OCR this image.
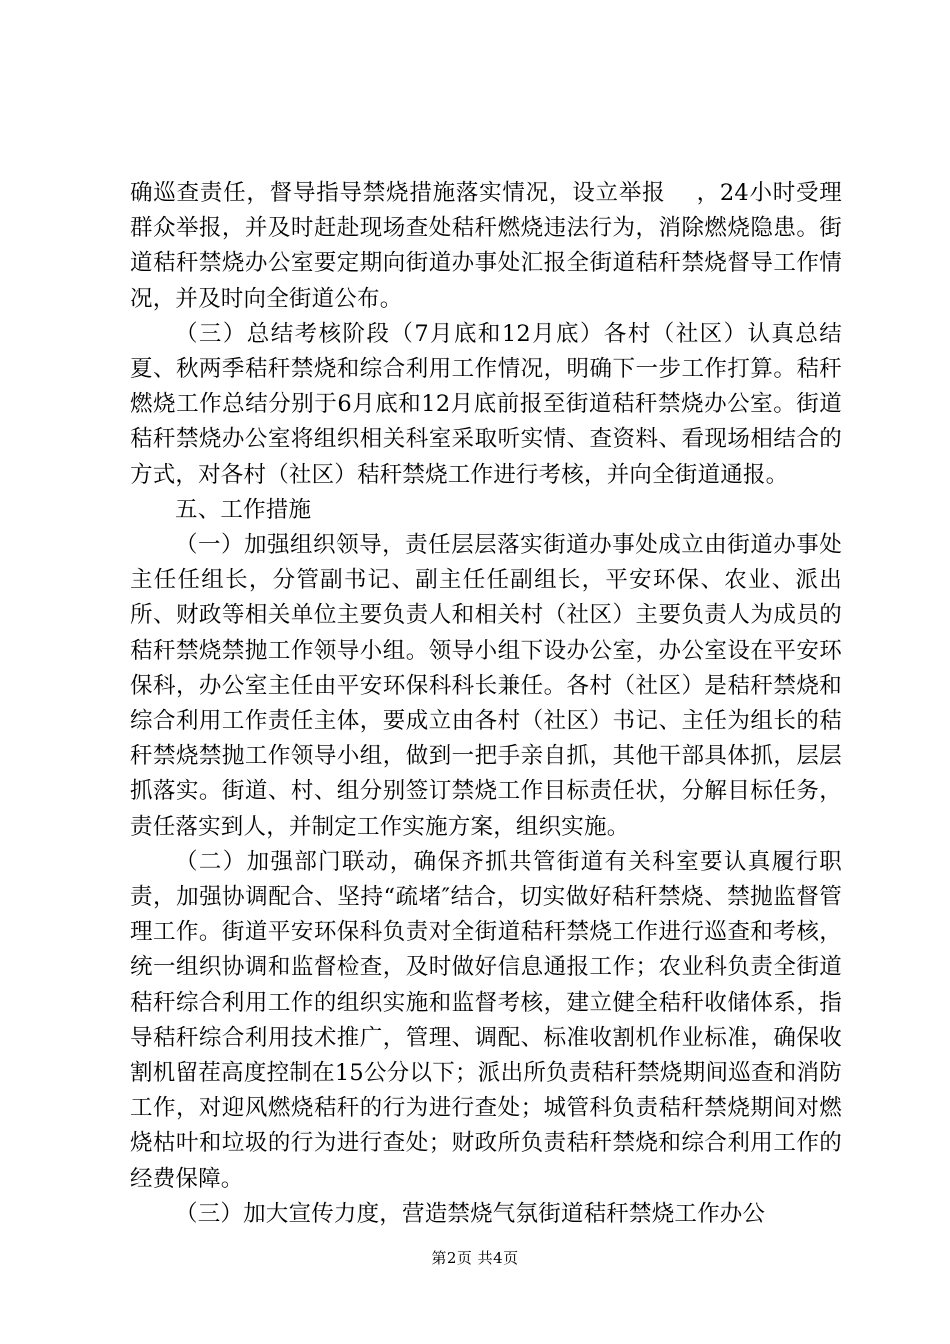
确巡查责任，督导指导禁烧措施落实情况，设立举报　 ，24小时受理群众举报，并及时赶赴现场查处秸秆燃烧违法行为，消除燃烧隐患。街道秸秆禁烧办公室要定期向街道办事处汇报全街道秸秆禁烧督导工作情况，并及时向全街道公布。

（三）总结考核阶段（7月底和12月底）各村（社区）认真总结夏、秋两季秸秆禁烧和综合利用工作情况，明确下一步工作打算。秸秆燃烧工作总结分别于6月底和12月底前报至街道秸秆禁烧办公室。街道秸秆禁烧办公室将组织相关科室采取听实情、查资料、看现场相结合的方式，对各村（社区）秸秆禁烧工作进行考核，并向全街道通报。

五、工作措施

（一）加强组织领导，责任层层落实街道办事处成立由街道办事处主任任组长，分管副书记、副主任任副组长，平安环保、农业、派出所、财政等相关单位主要负责人和相关村（社区）主要负责人为成员的秸秆禁烧禁抛工作领导小组。领导小组下设办公室，办公室设在平安环保科，办公室主任由平安环保科科长兼任。各村（社区）是秸秆禁烧和综合利用工作责任主体，要成立由各村（社区）书记、主任为组长的秸秆禁烧禁抛工作领导小组，做到一把手亲自抓，其他干部具体抓，层层抓落实。街道、村、组分别签订禁烧工作目标责任状，分解目标任务，责任落实到人，并制定工作实施方案，组织实施。

（二）加强部门联动，确保齐抓共管街道有关科室要认真履行职责，加强协调配合、坚持“疏堵″结合，切实做好秸秆禁烧、禁抛监督管理工作。街道平安环保科负责对全街道秸秆禁烧工作进行巡查和考核，统一组织协调和监督检查，及时做好信息通报工作；农业科负责全街道秸秆综合利用工作的组织实施和监督考核，建立健全秸秆收储体系，指导秸秆综合利用技术推广，管理、调配、标准收割机作业标准，确保收割机留茬高度控制在15公分以下；派出所负责秸秆禁烧期间巡查和消防工作，对迎风燃烧秸秆的行为进行查处；城管科负责秸秆禁烧期间对燃烧枯叶和垃圾的行为进行查处；财政所负责秸秆禁烧和综合利用工作的经费保障。

（三）加大宣传力度，营造禁烧气氛街道秸秆禁烧工作办公

第2页 共4页
